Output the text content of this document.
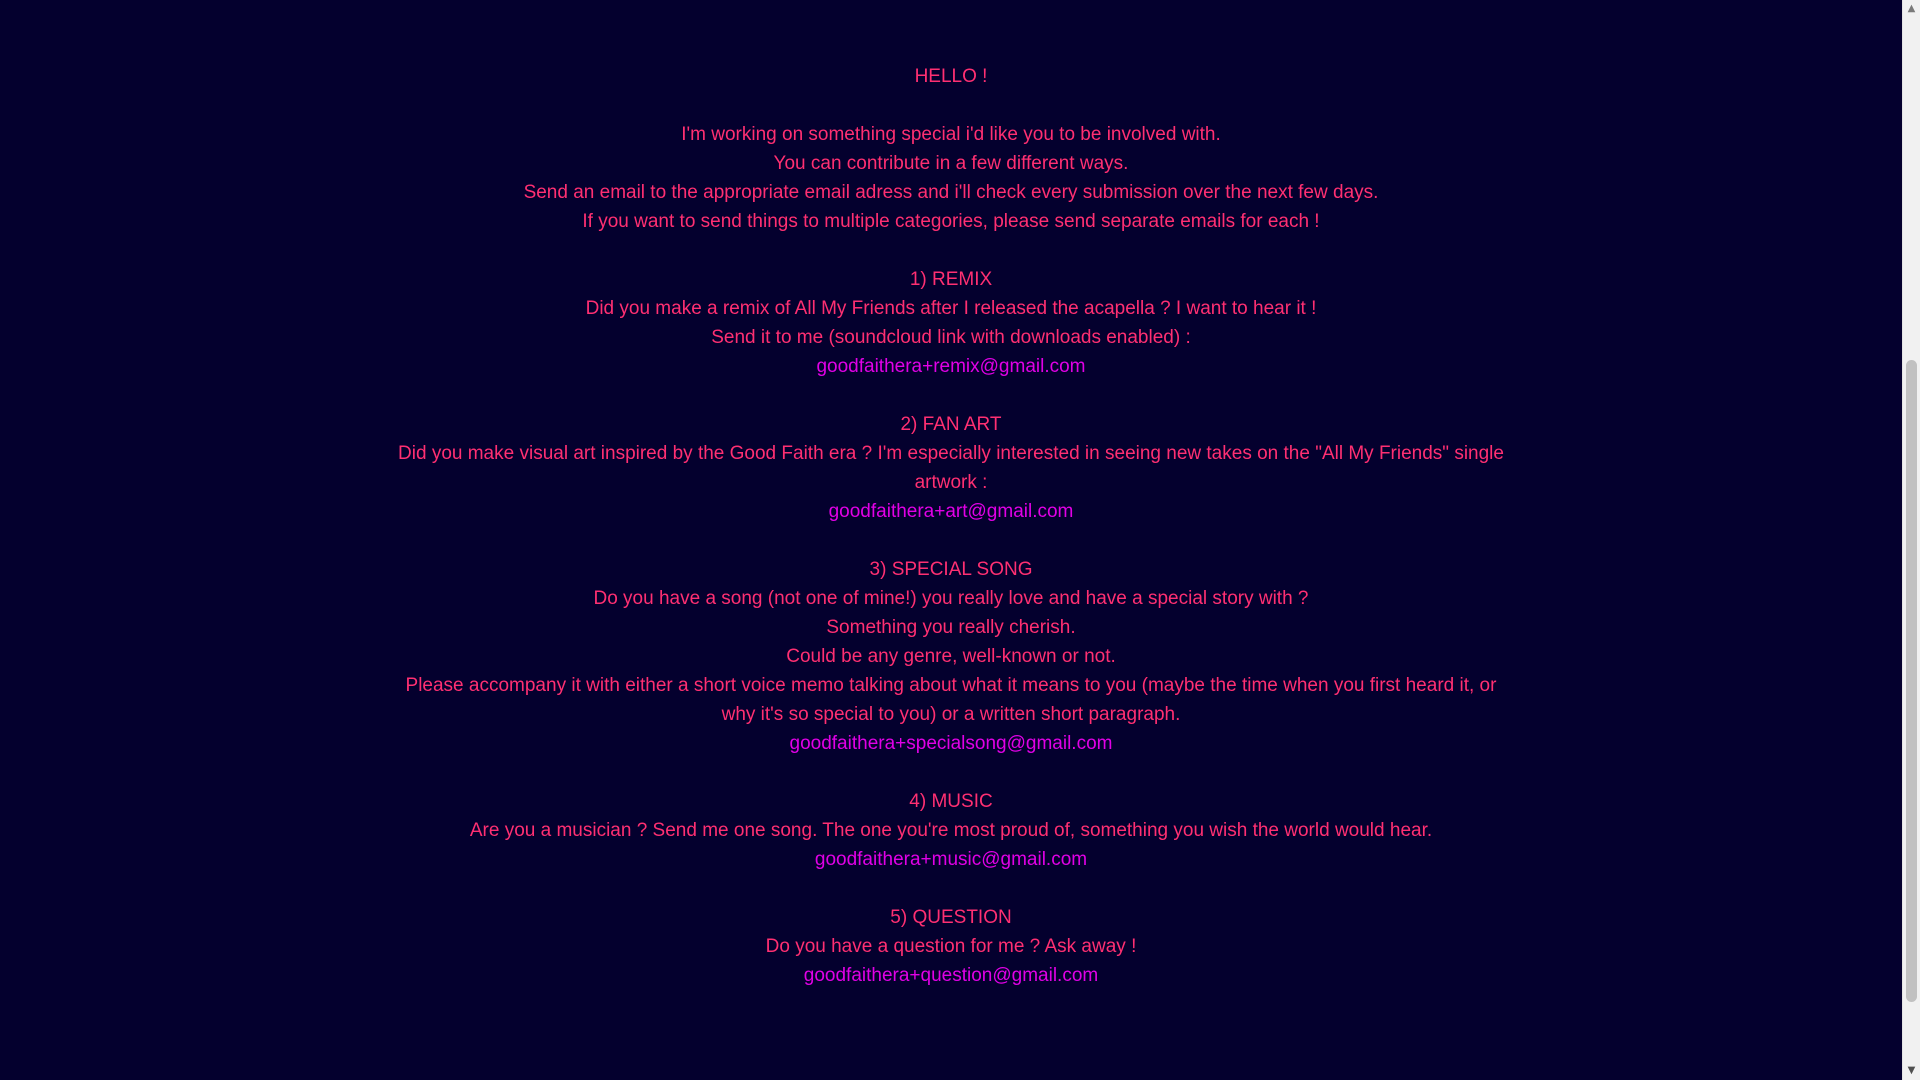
HELLO !

I'm working on something special i'd like you to be involved with.
You can contribute in a few different ways.
Send an email to the appropriate email adress and i'll check every submission over the next few days.
If you want to send things to multiple categories, please send separate emails for each !
1) REMIX
Did you make a remix of All My Friends after I released the acapella ? I want to hear it !
Send it to me (soundcloud link with downloads enabled) :
goodfaithera+remix@gmail.com
2) FAN ART
Did you make visual art inspired by the Good Faith era ? I'm especially interested in seeing new takes on the "All My Friends" single artwork :
goodfaithera+art@gmail.com
3) SPECIAL SONG
Do you have a song (not one of mine!) you really love and have a special story with ?
Something you really cherish.
Could be any genre, well-known or not.
Please accompany it with either a short voice memo talking about what it means to you (maybe the time when you first heard it, or why it's so special to you) or a written short paragraph.
goodfaithera+specialsong@gmail.com
4) MUSIC
Are you a musician ? Send me one song. The one you're most proud of, something you wish the world would hear.
goodfaithera+music@gmail.com
5) QUESTION
Do you have a question for me ? Ask away !
goodfaithera+question@gmail.com
▲
▼
